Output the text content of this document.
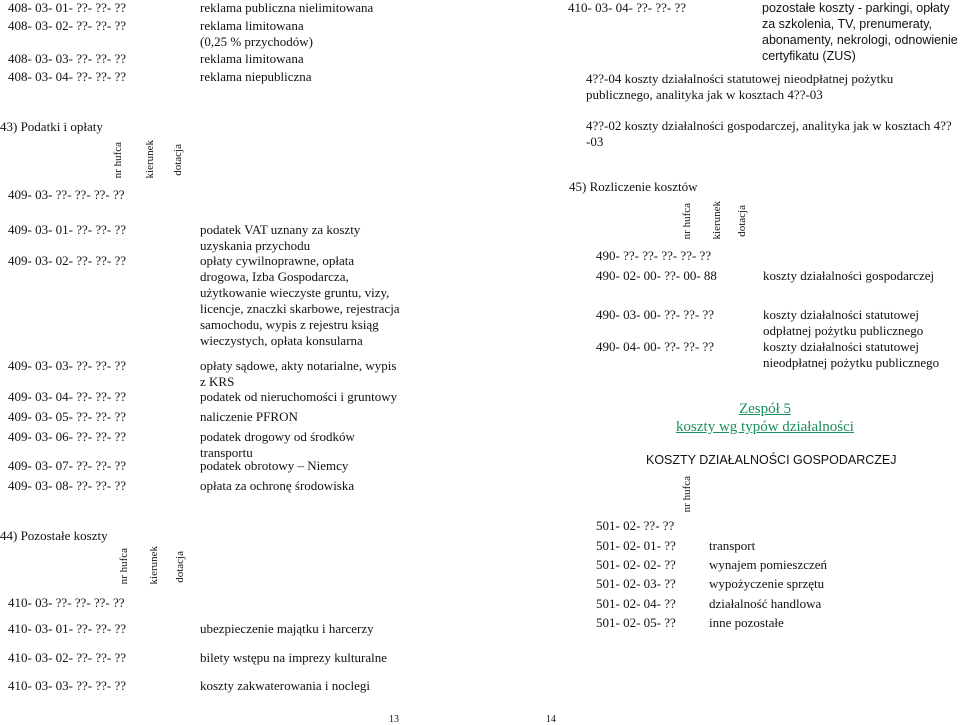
408- 03- 01- ??- ??- ??	reklama publiczna nielimitowana
408- 03- 02- ??- ??- ??	reklama limitowana
(0,25 % przychodów)
408- 03- 03- ??- ??- ??	reklama limitowana
408- 03- 04- ??- ??- ??	reklama niepubliczna
43) Podatki i opłaty
nr hufca kierunek dotacja
409- 03- ??- ??- ??- ??
409- 03- 01- ??- ??- ??	podatek VAT uznany za koszty uzyskania przychodu
409- 03- 02- ??- ??- ??	opłaty cywilnoprawne, opłata drogowa, Izba Gospodarcza, użytkowanie wieczyste gruntu, vizy, licencje, znaczki skarbowe, rejestracja samochodu, wypis z rejestru ksiąg wieczystych, opłata konsularna
409- 03- 03- ??- ??- ??	opłaty sądowe, akty notarialne, wypis z KRS
409- 03- 04- ??- ??- ??	podatek od nieruchomości i gruntowy
409- 03- 05- ??- ??- ??	naliczenie PFRON
409- 03- 06- ??- ??- ??	podatek drogowy od środków transportu
409- 03- 07- ??- ??- ??	podatek obrotowy – Niemcy
409- 03- 08- ??- ??- ??	opłata za ochronę środowiska
44) Pozostałe koszty
nr hufca kierunek dotacja
410- 03- ??- ??- ??- ??
410- 03- 01- ??- ??- ??	ubezpieczenie majątku i harcerzy
410- 03- 02- ??- ??- ??	bilety wstępu na imprezy kulturalne
410- 03- 03- ??- ??- ??	koszty zakwaterowania i noclegi
410- 03- 04- ??- ??- ??	pozostałe koszty - parkingi, opłaty za szkolenia, TV, prenumeraty, abonamenty, nekrologi, odnowienie certyfikatu (ZUS)
4??-04 koszty działalności statutowej nieodpłatnej pożytku publicznego, analityka jak w kosztach 4??-03
4??-02 koszty działalności gospodarczej, analityka jak w kosztach 4??-03
45) Rozliczenie kosztów
nr hufca kierunek dotacja
490- ??- ??- ??- ??- ??
490- 02- 00- ??- 00- 88	koszty działalności gospodarczej
490- 03- 00- ??- ??- ??	koszty działalności statutowej odpłatnej pożytku publicznego
490- 04- 00- ??- ??- ??	koszty działalności statutowej nieodpłatnej pożytku publicznego
Zespół 5
koszty wg typów działalności
KOSZTY DZIAŁALNOŚCI GOSPODARCZEJ
nr hufca
501- 02- ??- ??
501- 02- 01- ??	transport
501- 02- 02- ??	wynajem pomieszczeń
501- 02- 03- ??	wypożyczenie sprzętu
501- 02- 04- ??	działalność handlowa
501- 02- 05- ??	inne pozostałe
13	14
